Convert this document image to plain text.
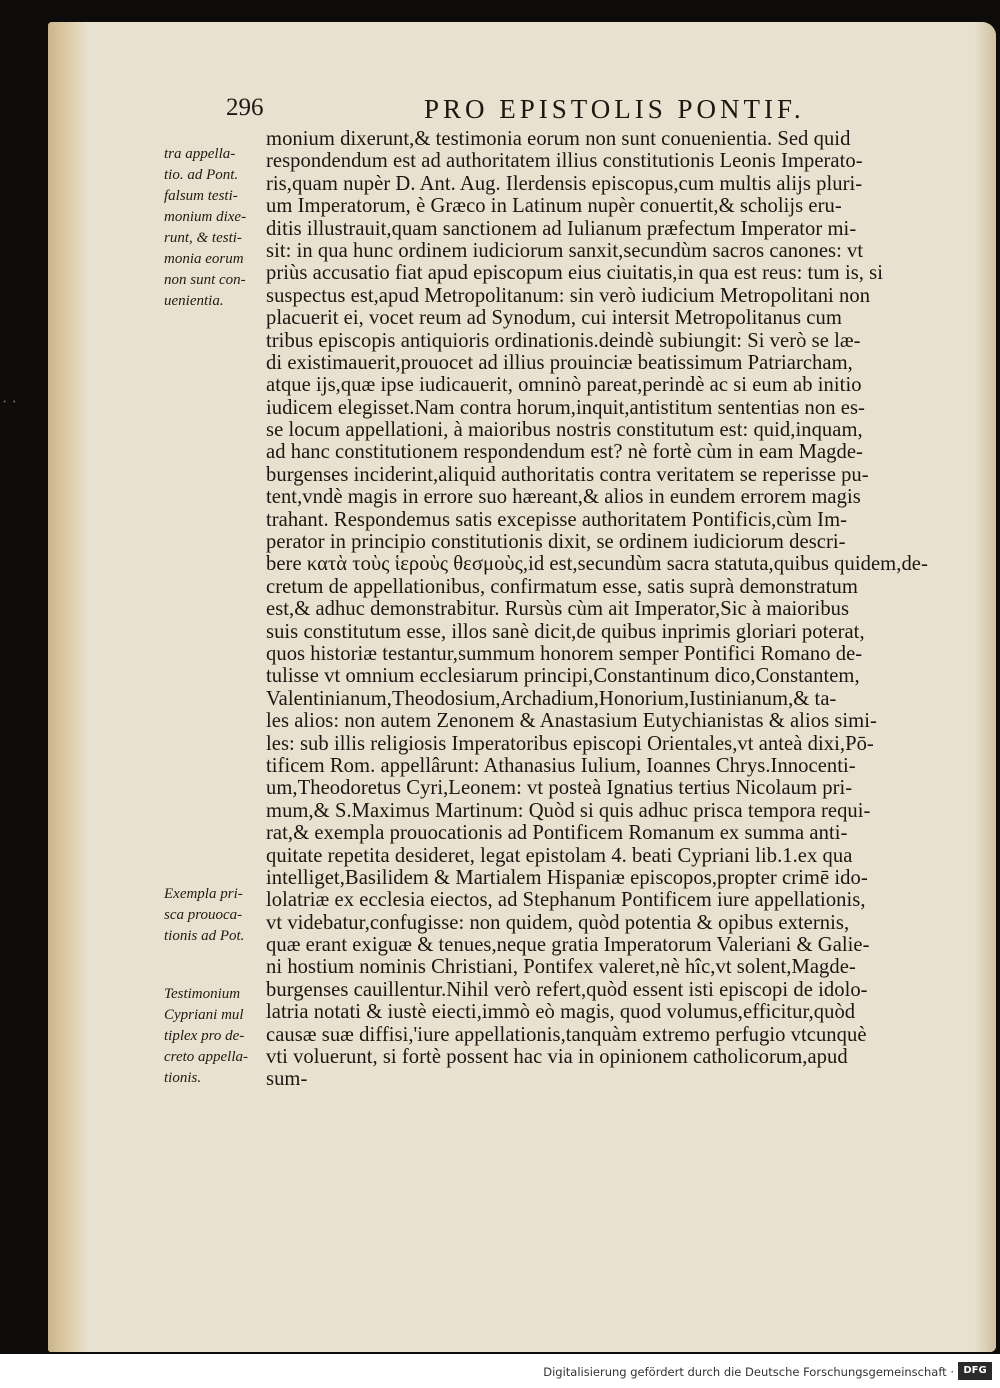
⋅ ⋅
296	PRO EPISTOLIS PONTIF.
tra appella-
tio. ad Pont.
falsum testi-
monium dixe-
runt, & testi-
monia eorum
non sunt con-
uenientia.
Exempla pri-
sca prouoca-
tionis ad Pot.
Testimonium
Cypriani mul
tiplex pro de-
creto appella-
tionis.
monium dixerunt,& testimonia eorum non sunt conuenientia. Sed quid
respondendum est ad authoritatem illius constitutionis Leonis Imperato-
ris,quam nupèr D. Ant. Aug. Ilerdensis episcopus,cum multis alijs pluri-
um Imperatorum, è Græco in Latinum nupèr conuertit,& scholijs eru-
ditis illustrauit,quam sanctionem ad Iulianum præfectum Imperator mi-
sit: in qua hunc ordinem iudiciorum sanxit,secundùm sacros canones: vt
priùs accusatio fiat apud episcopum eius ciuitatis,in qua est reus: tum is, si
suspectus est,apud Metropolitanum: sin verò iudicium Metropolitani non
placuerit ei, vocet reum ad Synodum, cui intersit Metropolitanus cum
tribus episcopis antiquioris ordinationis.deindè subiungit: Si verò se læ-
di existimauerit,prouocet ad illius prouinciæ beatissimum Patriarcham,
atque ijs,quæ ipse iudicauerit, omninò pareat,perindè ac si eum ab initio
iudicem elegisset.Nam contra horum,inquit,antistitum sententias non es-
se locum appellationi, à maioribus nostris constitutum est: quid,inquam,
ad hanc constitutionem respondendum est? nè fortè cùm in eam Magde-
burgenses inciderint,aliquid authoritatis contra veritatem se reperisse pu-
tent,vndè magis in errore suo hæreant,& alios in eundem errorem magis
trahant. Respondemus satis excepisse authoritatem Pontificis,cùm Im-
perator in principio constitutionis dixit, se ordinem iudiciorum descri-
bere κατὰ τοὺς ἱεροὺς θεσμοὺς,id est,secundùm sacra statuta,quibus quidem,de-
cretum de appellationibus, confirmatum esse, satis suprà demonstratum
est,& adhuc demonstrabitur. Rursùs cùm ait Imperator,Sic à maioribus
suis constitutum esse, illos sanè dicit,de quibus inprimis gloriari poterat,
quos historiæ testantur,summum honorem semper Pontifici Romano de-
tulisse vt omnium ecclesiarum principi,Constantinum dico,Constantem,
Valentinianum,Theodosium,Archadium,Honorium,Iustinianum,& ta-
les alios: non autem Zenonem & Anastasium Eutychianistas & alios simi-
les: sub illis religiosis Imperatoribus episcopi Orientales,vt anteà dixi,Pō-
tificem Rom. appellârunt: Athanasius Iulium, Ioannes Chrys.Innocenti-
um,Theodoretus Cyri,Leonem: vt posteà Ignatius tertius Nicolaum pri-
mum,& S.Maximus Martinum: Quòd si quis adhuc prisca tempora requi-
rat,& exempla prouocationis ad Pontificem Romanum ex summa anti-
quitate repetita desideret, legat epistolam 4. beati Cypriani lib.1.ex qua
intelliget,Basilidem & Martialem Hispaniæ episcopos,propter crimē ido-
lolatriæ ex ecclesia eiectos, ad Stephanum Pontificem iure appellationis,
vt videbatur,confugisse: non quidem, quòd potentia & opibus externis,
quæ erant exiguæ & tenues,neque gratia Imperatorum Valeriani & Galie-
ni hostium nominis Christiani, Pontifex valeret,nè hîc,vt solent,Magde-
burgenses cauillentur.Nihil verò refert,quòd essent isti episcopi de idolo-
latria notati & iustè eiecti,immò eò magis, quod volumus,efficitur,quòd
causæ suæ diffisi,'iure appellationis,tanquàm extremo perfugio vtcunquè
vti voluerunt, si fortè possent hac via in opinionem catholicorum,apud
sum-
Digitalisierung gefördert durch die Deutsche Forschungsgemeinschaft · DFG
